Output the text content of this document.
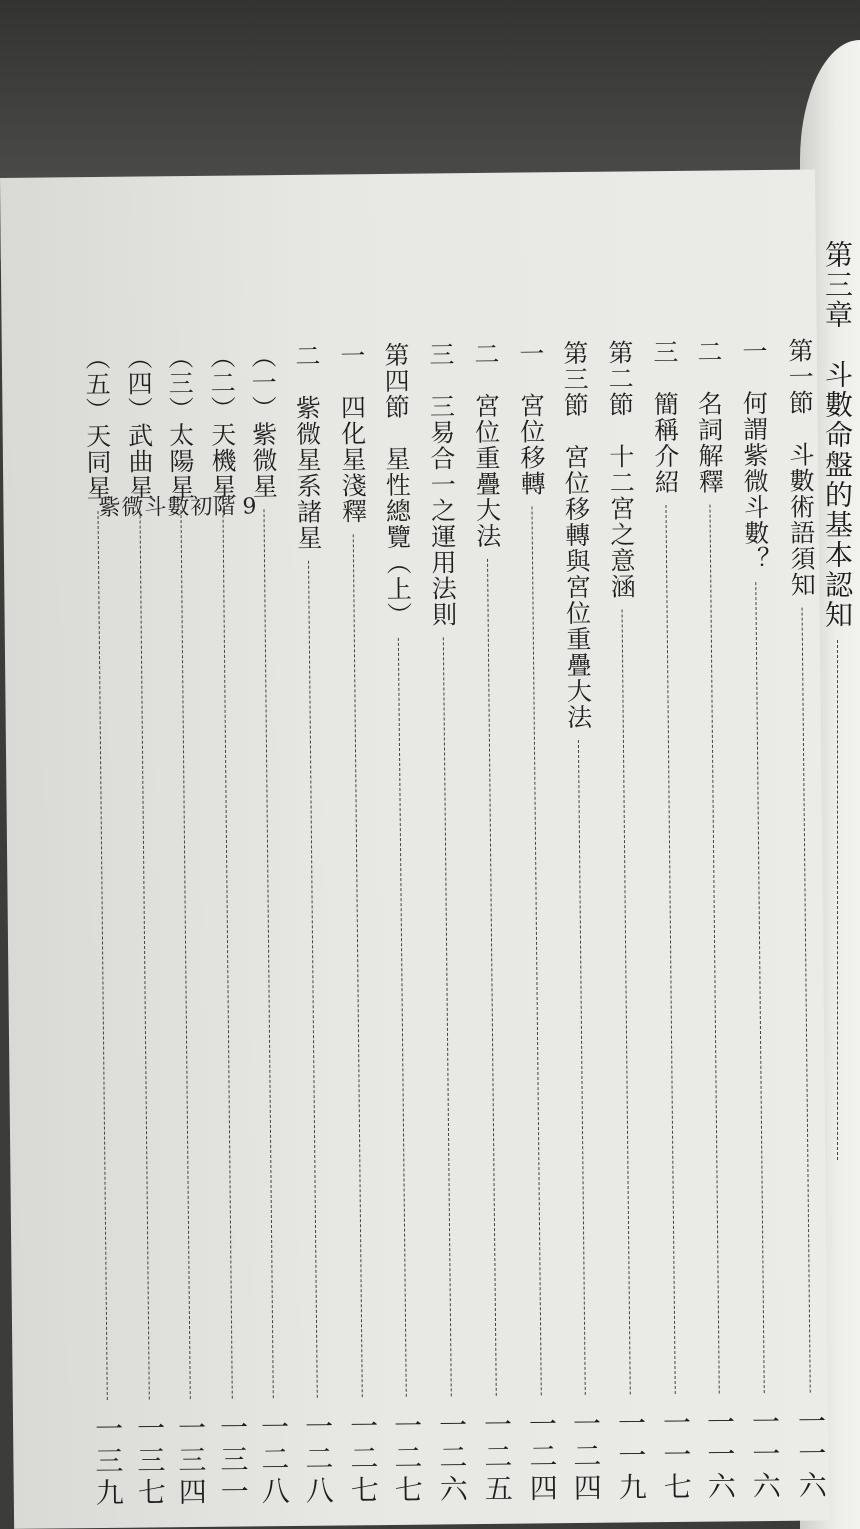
第三章　斗數命盤的基本認知
紫微斗數初階 9	第一節　斗數術語須知
一一六
一　何謂紫微斗數？
一一六
二　名詞解釋
一一六
三　簡稱介紹
一一七
第二節　十二宮之意涵
一一九
第三節　宮位移轉與宮位重疊大法
一二四
一　宮位移轉
一二四
二　宮位重疊大法
一二五
三　三易合一之運用法則
一二六
第四節　星性總覽（上）
一二七
一　四化星淺釋
一二七
二　紫微星系諸星
一二八
（一）紫微星
一二八
（二）天機星
一三一
（三）太陽星
一三四
（四）武曲星
一三七
（五）天同星
一三九
